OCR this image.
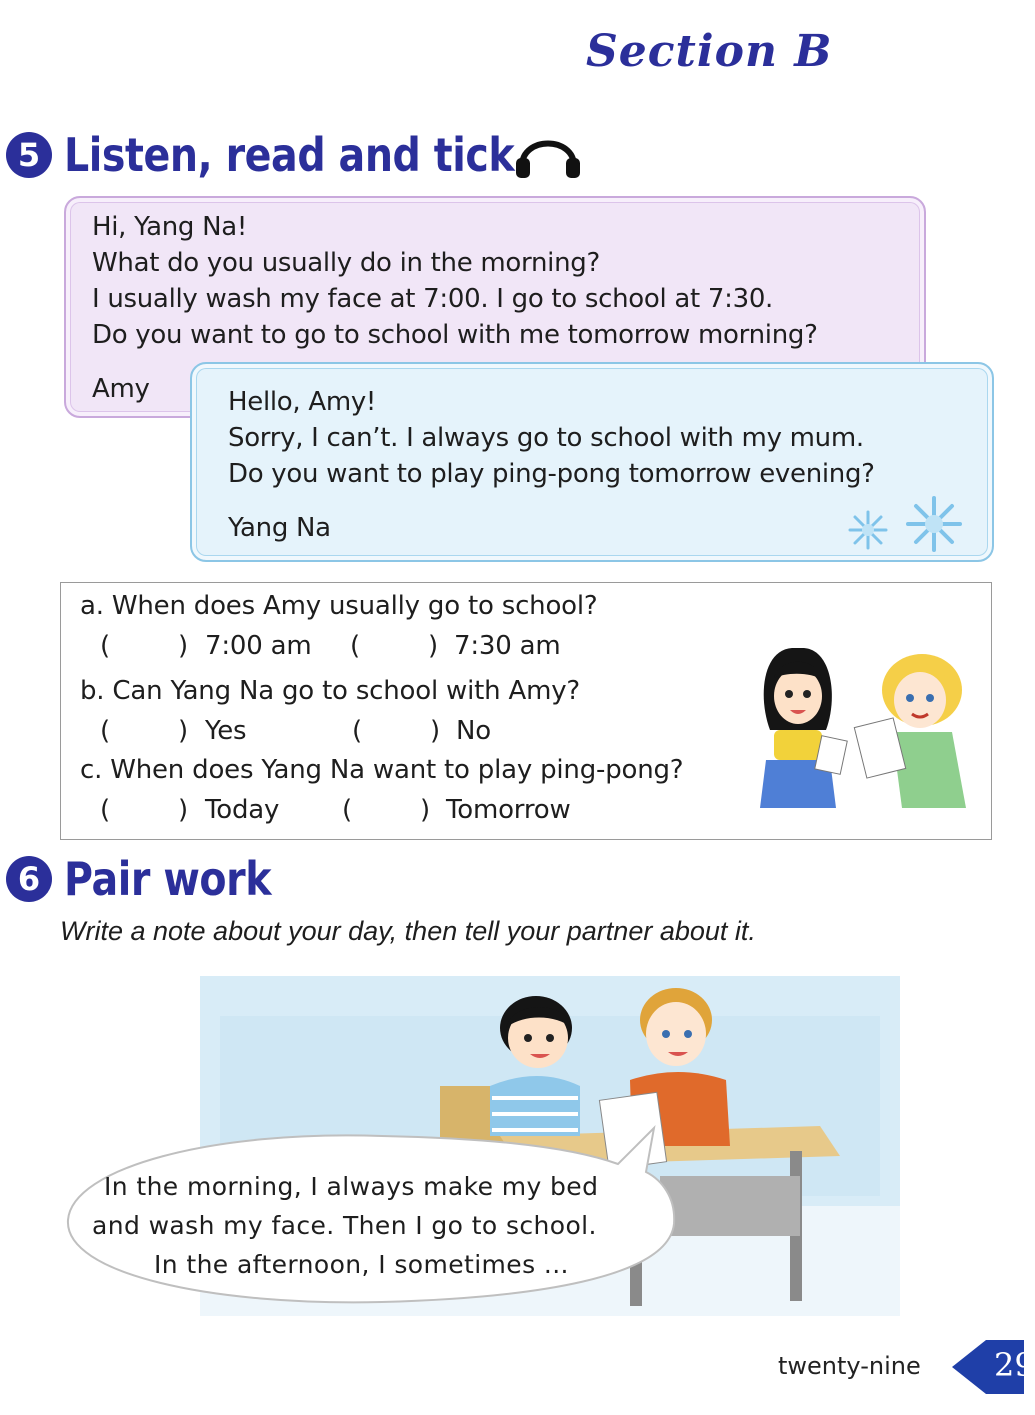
Section B
5 Listen, read and tick
Hi, Yang Na!
What do you usually do in the morning?
I usually wash my face at 7:00. I go to school at 7:30.
Do you want to go to school with me tomorrow morning?
Amy	Hello, Amy!
Sorry, I can’t. I always go to school with my mum.
Do you want to play ping-pong tomorrow evening?
Yang Na
a. When does Amy usually go to school?
(	) 7:00 am (	) 7:30 am
b. Can Yang Na go to school with Amy?
(	) Yes	(	) No
c. When does Yang Na want to play ping-pong?
(	) Today (	) Tomorrow
6 Pair work
Write a note about your day, then tell your partner about it.
In the morning, I always make my bed
and wash my face. Then I go to school.
In the afternoon, I sometimes ...
twenty-nine 29
